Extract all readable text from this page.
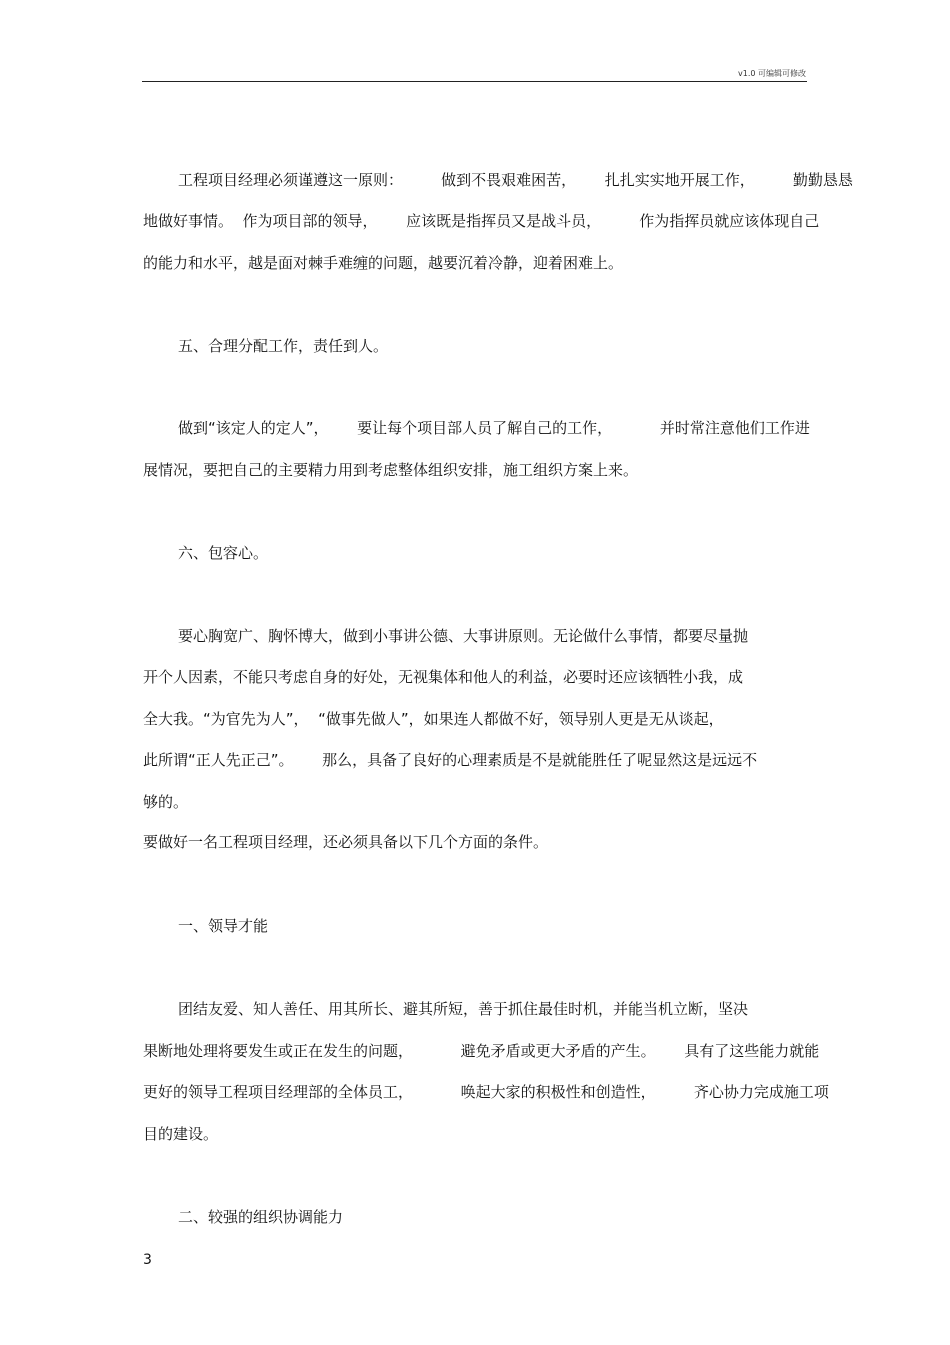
v1.0 可编辑可修改
工程项目经理必须谨遵这一原则：        做到不畏艰难困苦，      扎扎实实地开展工作，        勤勤恳恳
地做好事情。  作为项目部的领导，      应该既是指挥员又是战斗员，        作为指挥员就应该体现自己
的能力和水平，越是面对棘手难缠的问题，越要沉着冷静，迎着困难上。
五、合理分配工作，责任到人。
做到“该定人的定人”，      要让每个项目部人员了解自己的工作，          并时常注意他们工作进
展情况，要把自己的主要精力用到考虑整体组织安排，施工组织方案上来。
六、包容心。
要心胸宽广、胸怀博大，做到小事讲公德、大事讲原则。无论做什么事情，都要尽量抛
开个人因素，不能只考虑自身的好处，无视集体和他人的利益，必要时还应该牺牲小我，成
全大我。“为官先为人”，  “做事先做人”，如果连人都做不好，领导别人更是无从谈起，
此所谓“正人先正己”。      那么，具备了良好的心理素质是不是就能胜任了呢显然这是远远不
够的。
要做好一名工程项目经理，还必须具备以下几个方面的条件。
一、领导才能
团结友爱、知人善任、用其所长、避其所短，善于抓住最佳时机，并能当机立断，坚决
果断地处理将要发生或正在发生的问题，          避免矛盾或更大矛盾的产生。      具有了这些能力就能
更好的领导工程项目经理部的全体员工，          唤起大家的积极性和创造性，        齐心协力完成施工项
目的建设。
二、较强的组织协调能力
3
